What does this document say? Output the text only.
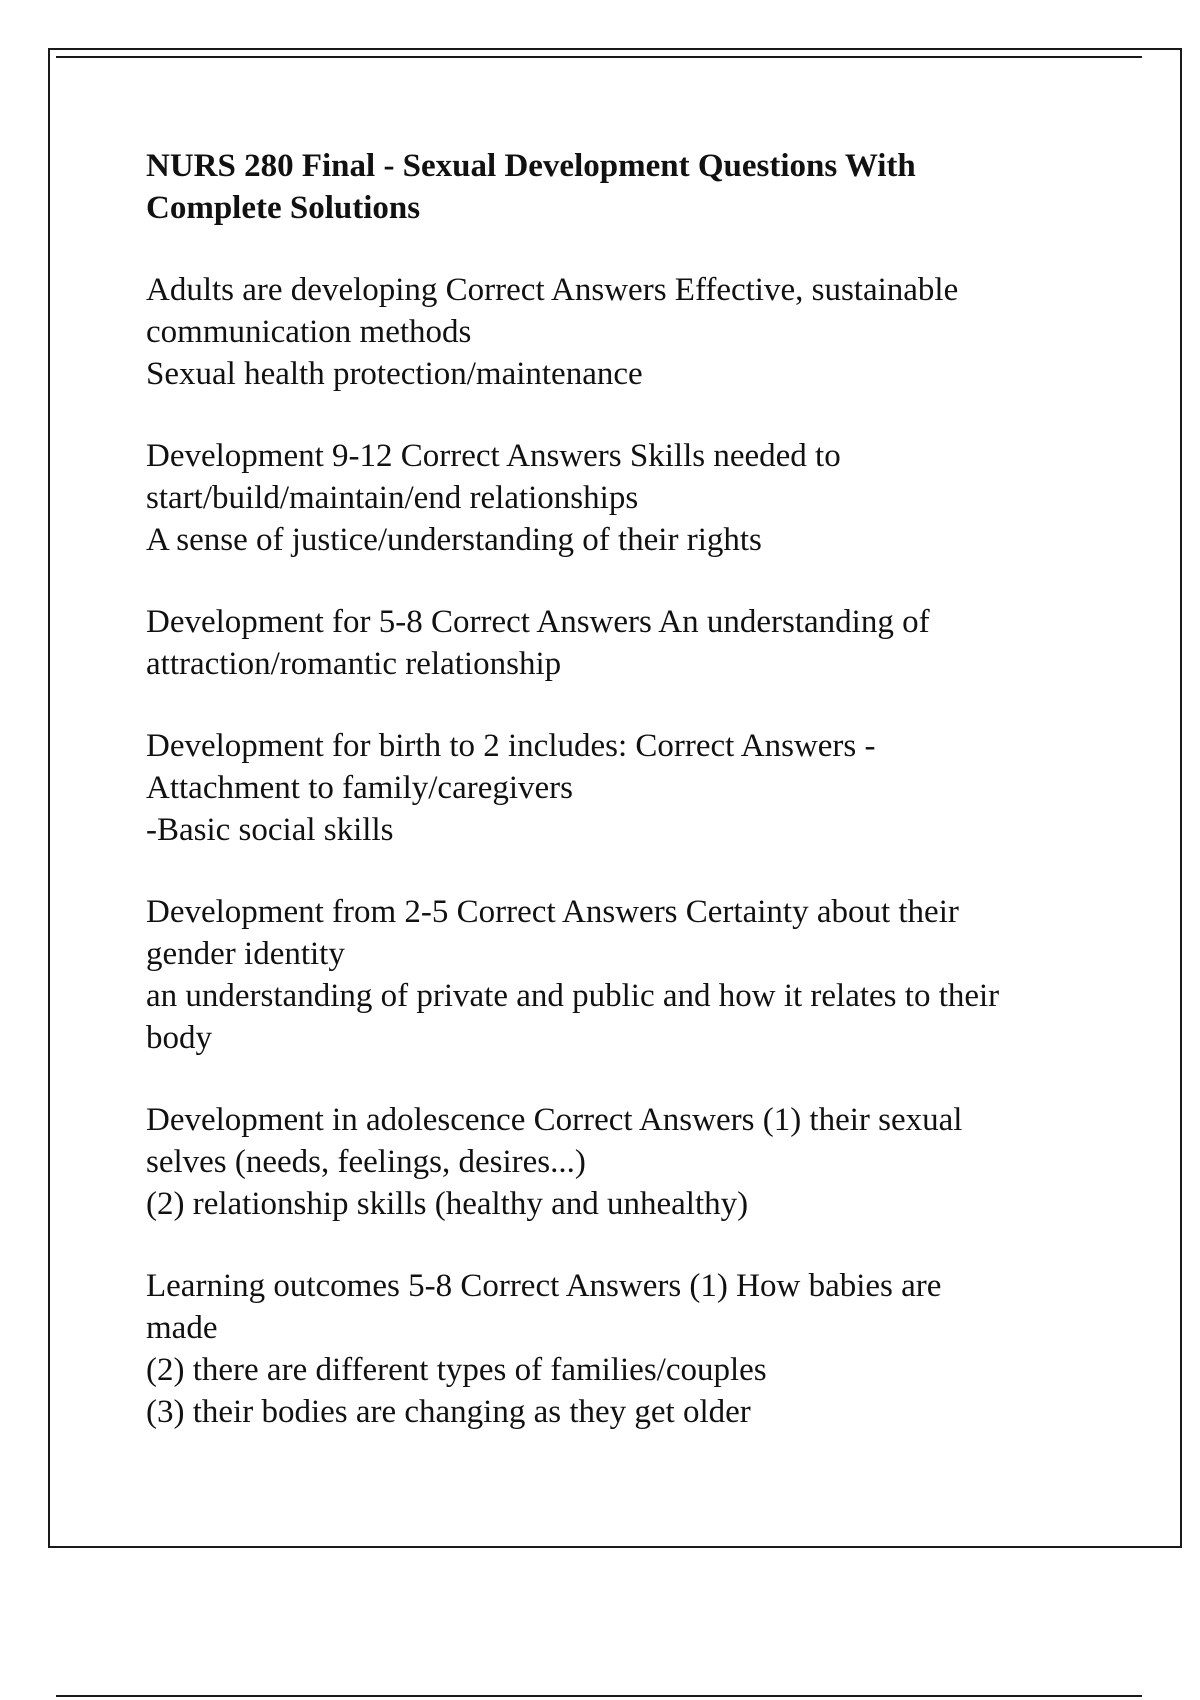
NURS 280 Final - Sexual Development Questions With
Complete Solutions
Adults are developing Correct Answers Effective, sustainable
communication methods
Sexual health protection/maintenance
Development 9-12 Correct Answers Skills needed to
start/build/maintain/end relationships
A sense of justice/understanding of their rights
Development for 5-8 Correct Answers An understanding of
attraction/romantic relationship
Development for birth to 2 includes: Correct Answers -
Attachment to family/caregivers
-Basic social skills
Development from 2-5 Correct Answers Certainty about their
gender identity
an understanding of private and public and how it relates to their
body
Development in adolescence Correct Answers (1) their sexual
selves (needs, feelings, desires...)
(2) relationship skills (healthy and unhealthy)
Learning outcomes 5-8 Correct Answers (1) How babies are
made
(2) there are different types of families/couples
(3) their bodies are changing as they get older
